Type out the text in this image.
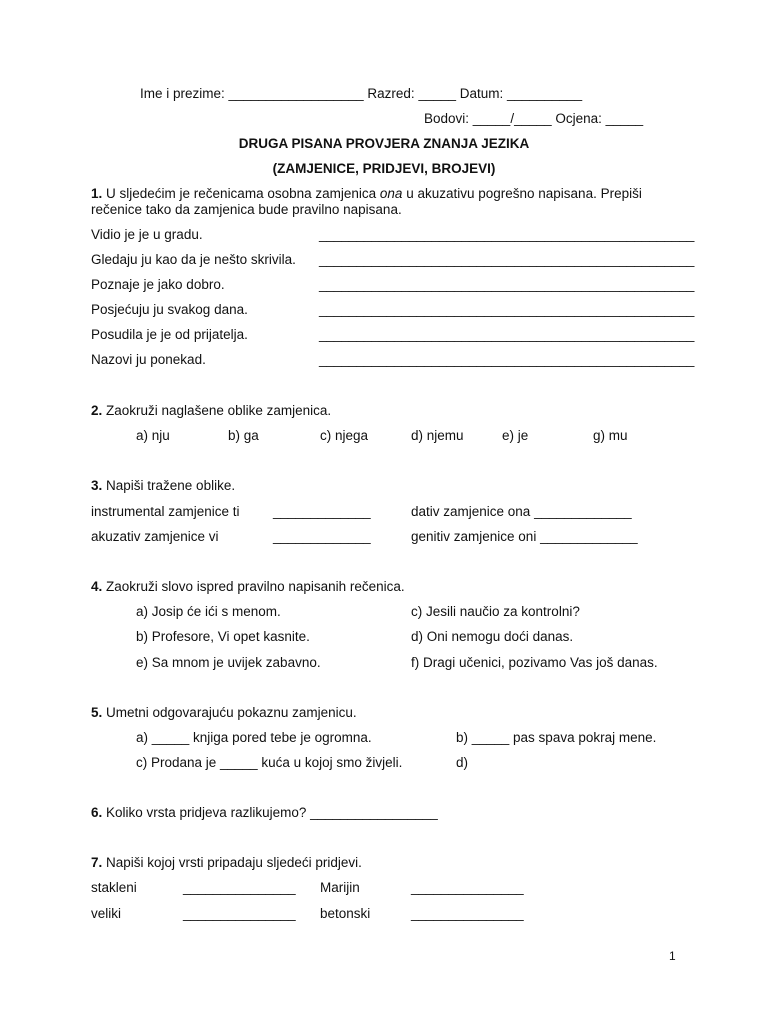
Ime i prezime: __________________ Razred: _____ Datum: __________
Bodovi: _____/_____ Ocjena: _____
DRUGA PISANA PROVJERA ZNANJA JEZIKA
(ZAMJENICE, PRIDJEVI, BROJEVI)
1. U sljedećim je rečenicama osobna zamjenica ona u akuzativu pogrešno napisana. Prepiši rečenice tako da zamjenica bude pravilno napisana.
Vidio je je u gradu.	__________________________________________________
Gledaju ju kao da je nešto skrivila. __________________________________________________
Poznaje je jako dobro.	__________________________________________________
Posjećuju ju svakog dana.	__________________________________________________
Posudila je je od prijatelja.	__________________________________________________
Nazovi ju ponekad.	__________________________________________________
2. Zaokruži naglašene oblike zamjenica.
a) nju	b) ga	c) njega	d) njemu	e) je	g) mu
3. Napiši tražene oblike.
instrumental zamjenice ti _____________	dativ zamjenice ona _____________
akuzativ zamjenice vi	_____________	genitiv zamjenice oni _____________
4. Zaokruži slovo ispred pravilno napisanih rečenica.
a) Josip će ići s menom.	c) Jesili naučio za kontrolni?
b) Profesore, Vi opet kasnite.	d) Oni nemogu doći danas.
e) Sa mnom je uvijek zabavno.	f) Dragi učenici, pozivamo Vas još danas.
5. Umetni odgovarajuću pokaznu zamjenicu.
a) _____ knjiga pored tebe je ogromna.	b) _____ pas spava pokraj mene.
c) Prodana je _____ kuća u kojoj smo živjeli.	d)
6. Koliko vrsta pridjeva razlikujemo? _________________
7. Napiši kojoj vrsti pripadaju sljedeći pridjevi.
stakleni	_______________ Marijin	_______________
veliki	_______________ betonski	_______________
1
